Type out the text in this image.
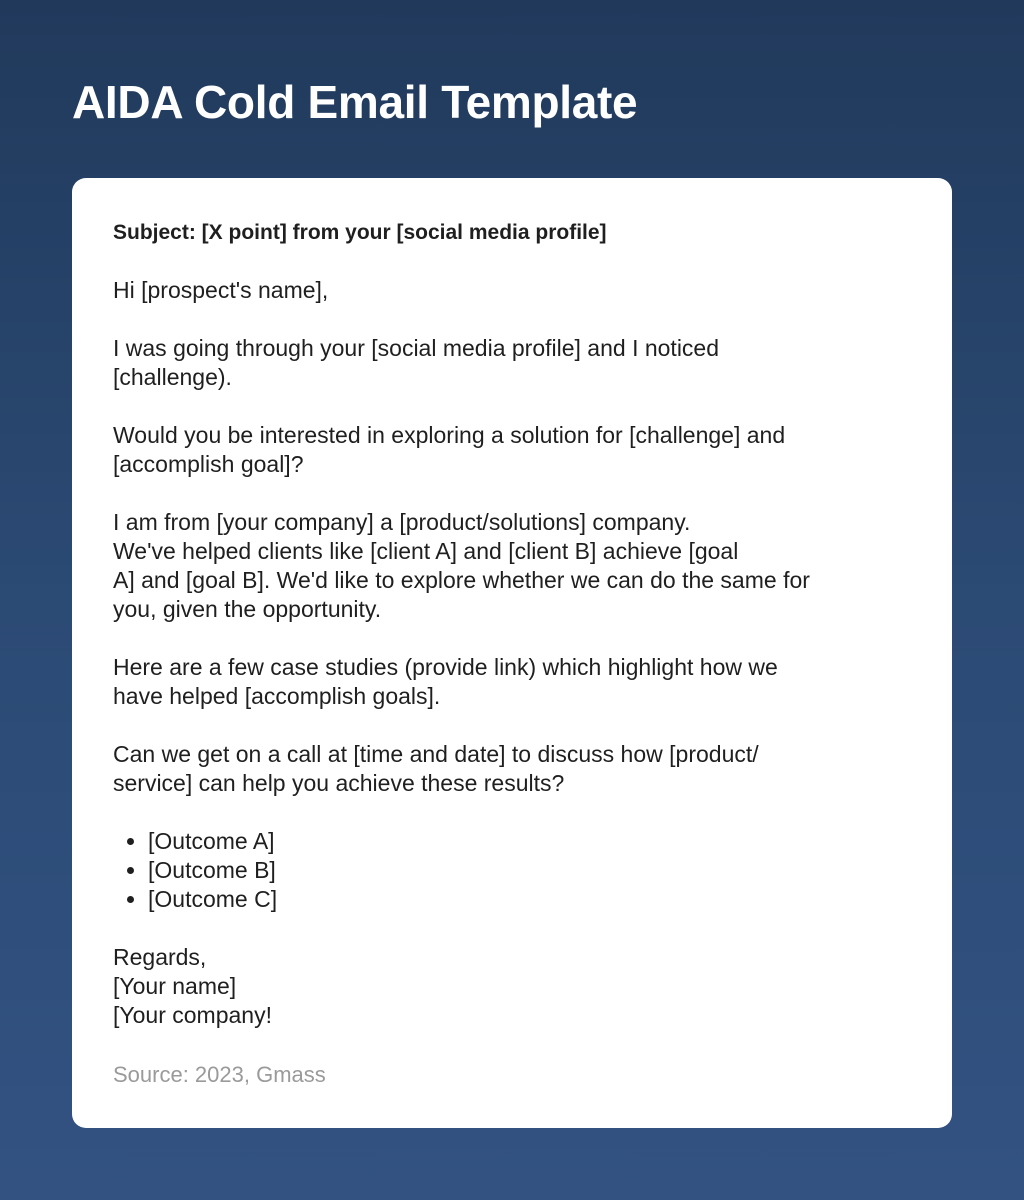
AIDA Cold Email Template

Subject: [X point] from your [social media profile]

Hi [prospect's name],

I was going through your [social media profile] and I noticed
[challenge).

Would you be interested in exploring a solution for [challenge] and
[accomplish goal]?

I am from [your company] a [product/solutions] company.
We've helped clients like [client A] and [client B] achieve [goal
A] and [goal B]. We'd like to explore whether we can do the same for
you, given the opportunity.

Here are a few case studies (provide link) which highlight how we
have helped [accomplish goals].

Can we get on a call at [time and date] to discuss how [product/
service] can help you achieve these results?

• [Outcome A]
• [Outcome B]
• [Outcome C]

Regards,
[Your name]
[Your company!

Source: 2023, Gmass
